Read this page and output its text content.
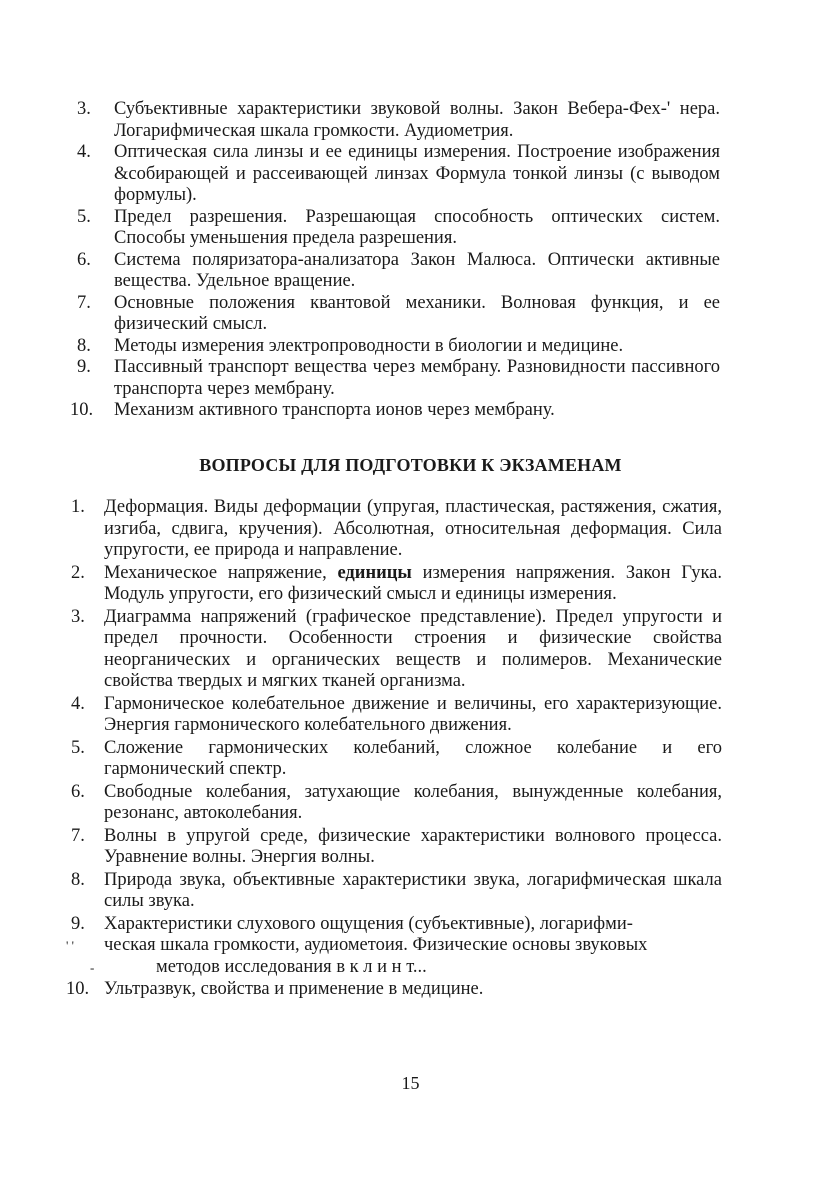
3.	Субъективные характеристики звуковой волны. Закон Вебера-Фех-' нера. Логарифмическая шкала громкости. Аудиометрия.
4.	Оптическая сила линзы и ее единицы измерения. Построение изображения &собирающей и рассеивающей линзах Формула тонкой линзы (с выводом формулы).
5.	Предел разрешения. Разрешающая способность оптических систем. Способы уменьшения предела разрешения.
6.	Система поляризатора-анализатора Закон Малюса. Оптически активные вещества. Удельное вращение.
7.	Основные положения квантовой механики. Волновая функция, и ее физический смысл.
8.	Методы измерения электропроводности в биологии и медицине.
9.	Пассивный транспорт вещества через мембрану. Разновидности пассивного транспорта через мембрану.
10.	Механизм активного транспорта ионов через мембрану.
ВОПРОСЫ ДЛЯ ПОДГОТОВКИ К ЭКЗАМЕНАМ
1.	Деформация. Виды деформации (упругая, пластическая, растяжения, сжатия, изгиба, сдвига, кручения). Абсолютная, относительная деформация. Сила упругости, ее природа и направление.
2.	Механическое напряжение, единицы измерения напряжения. Закон Гука. Модуль упругости, его физический смысл и единицы измерения.
3.	Диаграмма напряжений (графическое представление). Предел упругости и предел прочности. Особенности строения и физические свойства неорганических и органических веществ и полимеров. Механические свойства твердых и мягких тканей организма.
4.	Гармоническое колебательное движение и величины, его характеризующие. Энергия гармонического колебательного движения.
5.	Сложение гармонических колебаний, сложное колебание и его гармонический спектр.
6.	Свободные колебания, затухающие колебания, вынужденные колебания, резонанс, автоколебания.
7.	Волны в упругой среде, физические характеристики волнового процесса. Уравнение волны. Энергия волны.
8.	Природа звука, объективные характеристики звука, логарифмическая шкала силы звука.
9.	Характеристики слухового ощущения (субъективные), логарифми-
' ' ческая шкала громкости, аудиометоия. Физические основы звуковых
-	методов исследования в к л и н т...
10. Ультразвук, свойства и применение в медицине.
15
